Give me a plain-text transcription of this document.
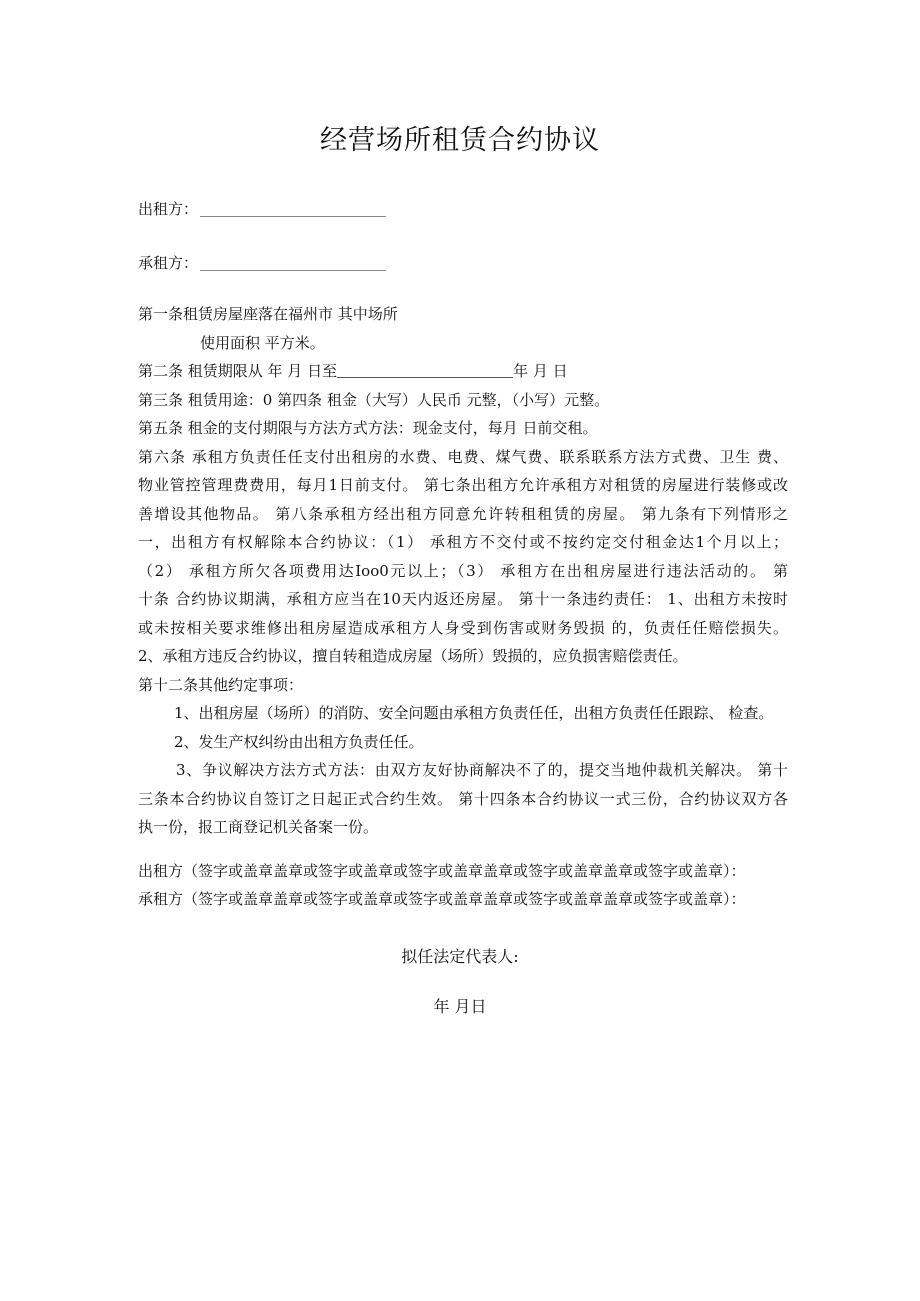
经营场所租赁合约协议
出租方：
承租方：
第一条租赁房屋座落在福州市 其中场所
使用面积 平方米。
第二条 租赁期限从 年 月 日至	年 月 日
第三条 租赁用途：0 第四条 租金（大写）人民币 元整，（小写）元整。
第五条 租金的支付期限与方法方式方法：现金支付，每月 日前交租。
第六条 承租方负责任任支付出租房的水费、电费、煤气费、联系联系方法方式费、卫生 费、
物业管控管理费费用，每月1日前支付。 第七条出租方允许承租方对租赁的房屋进行装修或改
善增设其他物品。 第八条承租方经出租方同意允许转租租赁的房屋。 第九条有下列情形之
一，出租方有权解除本合约协议：（1） 承租方不交付或不按约定交付租金达1个月以上；
（2） 承租方所欠各项费用达Ioo0元以上；（3） 承租方在出租房屋进行违法活动的。 第
十条 合约协议期满，承租方应当在10天内返还房屋。 第十一条违约责任： 1、出租方未按时
或未按相关要求维修出租房屋造成承租方人身受到伤害或财务毁损 的，负责任任赔偿损失。
2、承租方违反合约协议，擅自转租造成房屋（场所）毁损的，应负损害赔偿责任。
第十二条其他约定事项：
1、出租房屋（场所）的消防、安全问题由承租方负责任任，出租方负责任任跟踪、 检查。
2、发生产权纠纷由出租方负责任任。
3、争议解决方法方式方法：由双方友好协商解决不了的，提交当地仲裁机关解决。 第十
三条本合约协议自签订之日起正式合约生效。 第十四条本合约协议一式三份，合约协议双方各
执一份，报工商登记机关备案一份。
出租方（签字或盖章盖章或签字或盖章或签字或盖章盖章或签字或盖章盖章或签字或盖章）：
承租方（签字或盖章盖章或签字或盖章或签字或盖章盖章或签字或盖章盖章或签字或盖章）：
拟任法定代表人:
年 月日
